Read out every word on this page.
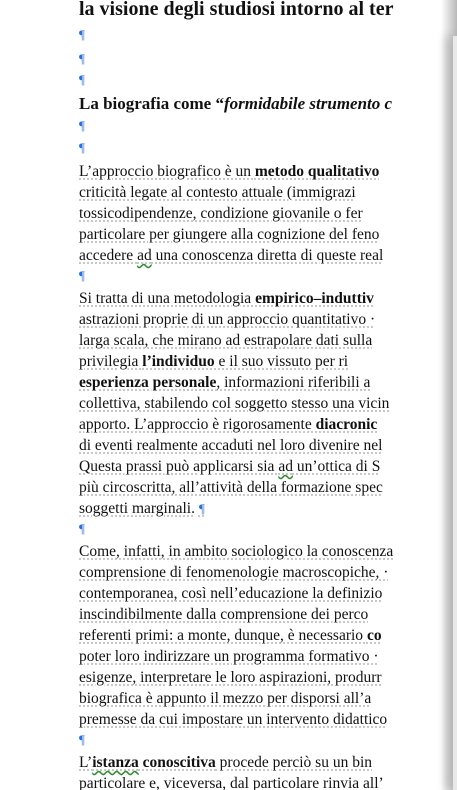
la visione degli studiosi intorno al ter
¶
¶
¶
La biografia come “formidabile strumento c
¶
¶
L’approccio biografico è un metodo qualitativo
criticità legate al contesto attuale (immigrazi
tossicodipendenze, condizione giovanile o fer
particolare per giungere alla cognizione del feno
accedere ad una conoscenza diretta di queste real
¶
Si tratta di una metodologia empirico–induttiv
astrazioni proprie di un approccio quantitativo ·
larga scala, che mirano ad estrapolare dati sulla
privilegia l’individuo e il suo vissuto per ri
esperienza personale, informazioni riferibili a
collettiva, stabilendo col soggetto stesso una vicin
apporto. L’approccio è rigorosamente diacronic
di eventi realmente accaduti nel loro divenire nel
Questa prassi può applicarsi sia ad un’ottica di S
più circoscritta, all’attività della formazione spec
soggetti marginali. ¶
¶
Come, infatti, in ambito sociologico la conoscenza
comprensione di fenomenologie macroscopiche, ·
contemporanea, così nell’educazione la definizio
inscindibilmente dalla comprensione dei perco
referenti primi: a monte, dunque, è necessario co
poter loro indirizzare un programma formativo ·
esigenze, interpretare le loro aspirazioni, produrr
biografica è appunto il mezzo per disporsi all’a
premesse da cui impostare un intervento didattico
¶
L’istanza conoscitiva procede perciò su un bin
particolare e, viceversa, dal particolare rinvia all’
